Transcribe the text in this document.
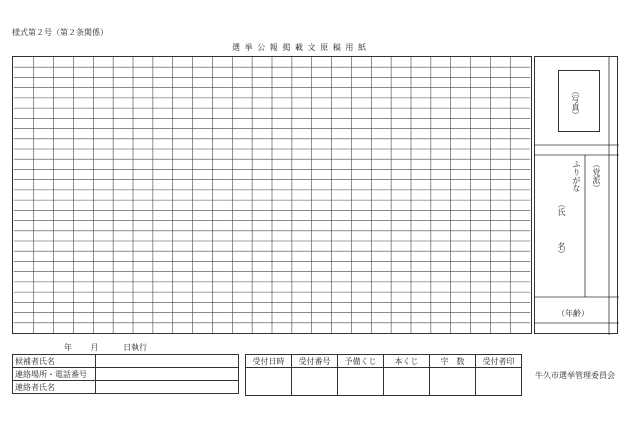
様式第２号（第２条関係）
選挙公報掲載文原稿用紙
（写真）
（党派）
ふりがな
（氏
名）
（年齢）
年 月	日執行
候補者氏名	
連絡場所・電話番号	
連絡者氏名	
受付日時	受付番号	予備くじ	本くじ	字　数	受付者印

牛久市選挙管理委員会
